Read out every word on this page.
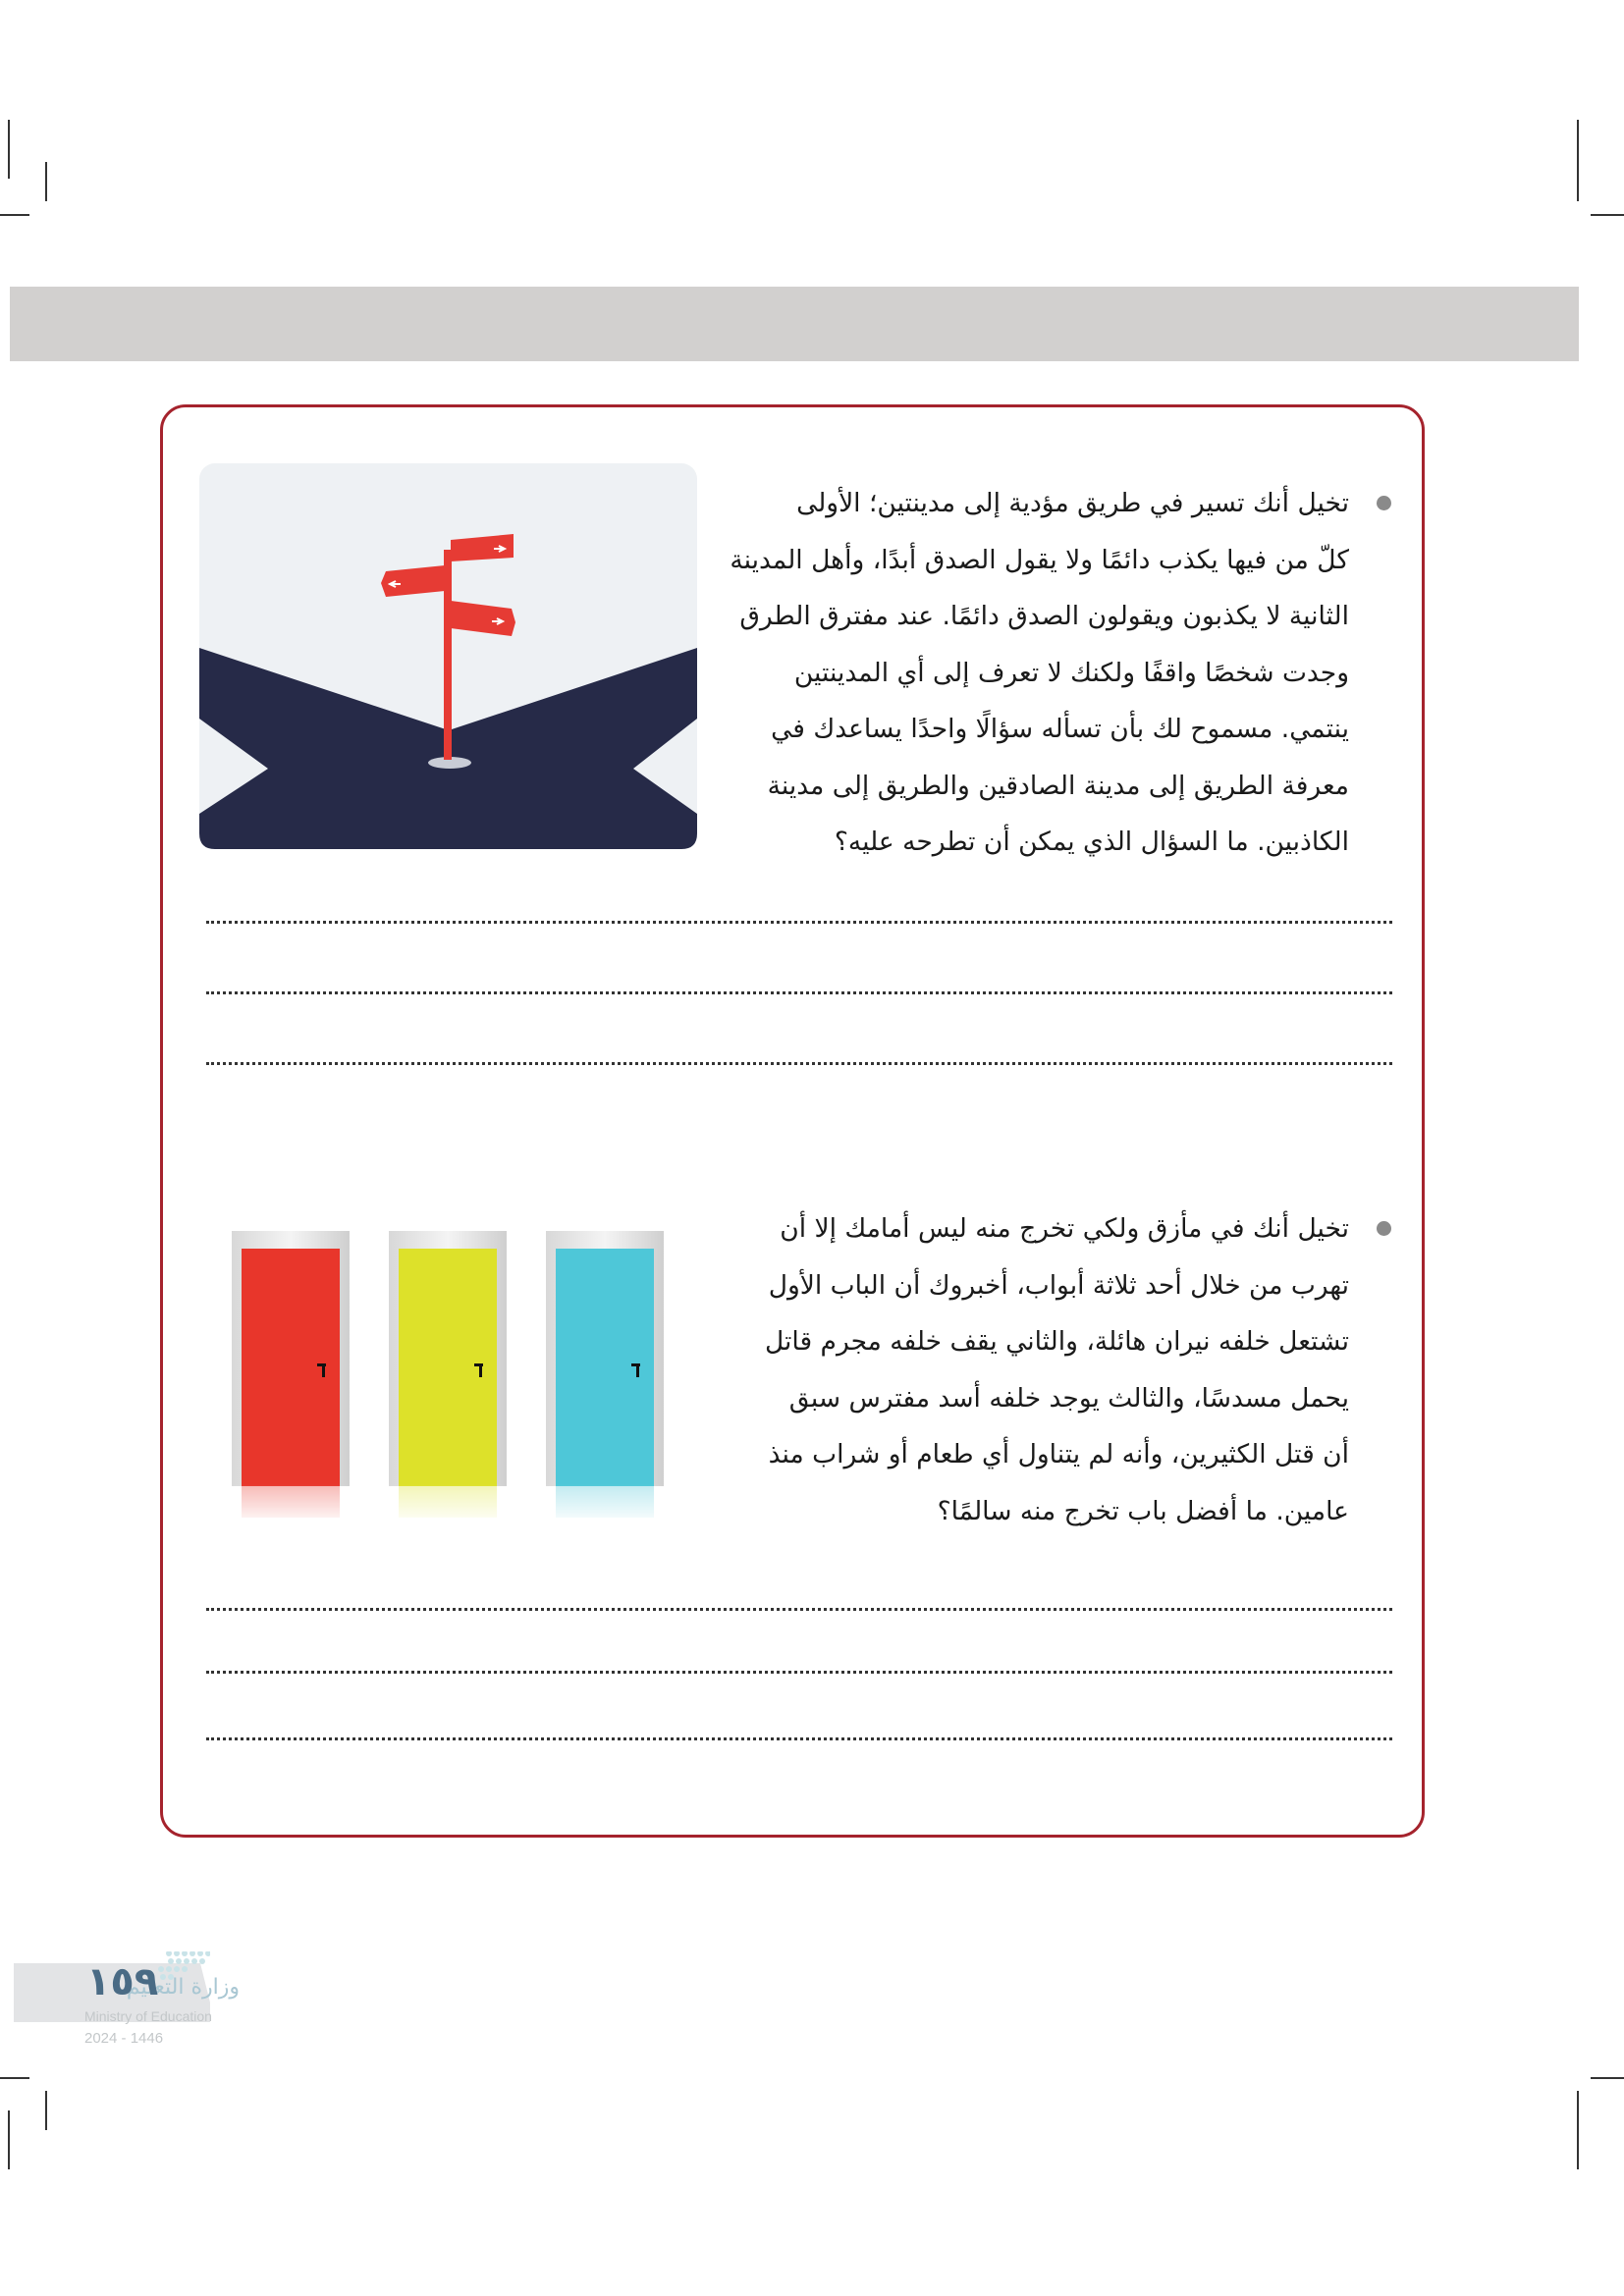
تخيل أنك تسير في طريق مؤدية إلى مدينتين؛ الأولى

كلّ من فيها يكذب دائمًا ولا يقول الصدق أبدًا، وأهل المدينة

الثانية لا يكذبون ويقولون الصدق دائمًا. عند مفترق الطرق

وجدت شخصًا واقفًا ولكنك لا تعرف إلى أي المدينتين

ينتمي. مسموح لك بأن تسأله سؤالًا واحدًا يساعدك في

معرفة الطريق إلى مدينة الصادقين والطريق إلى مدينة

الكاذبين. ما السؤال الذي يمكن أن تطرحه عليه؟

تخيل أنك في مأزق ولكي تخرج منه ليس أمامك إلا أن

تهرب من خلال أحد ثلاثة أبواب، أخبروك أن الباب الأول

تشتعل خلفه نيران هائلة، والثاني يقف خلفه مجرم قاتل

يحمل مسدسًا، والثالث يوجد خلفه أسد مفترس سبق

أن قتل الكثيرين، وأنه لم يتناول أي طعام أو شراب منذ

عامين. ما أفضل باب تخرج منه سالمًا؟

وزارة التعليم
١٥٩
Ministry of Education
2024 - 1446
